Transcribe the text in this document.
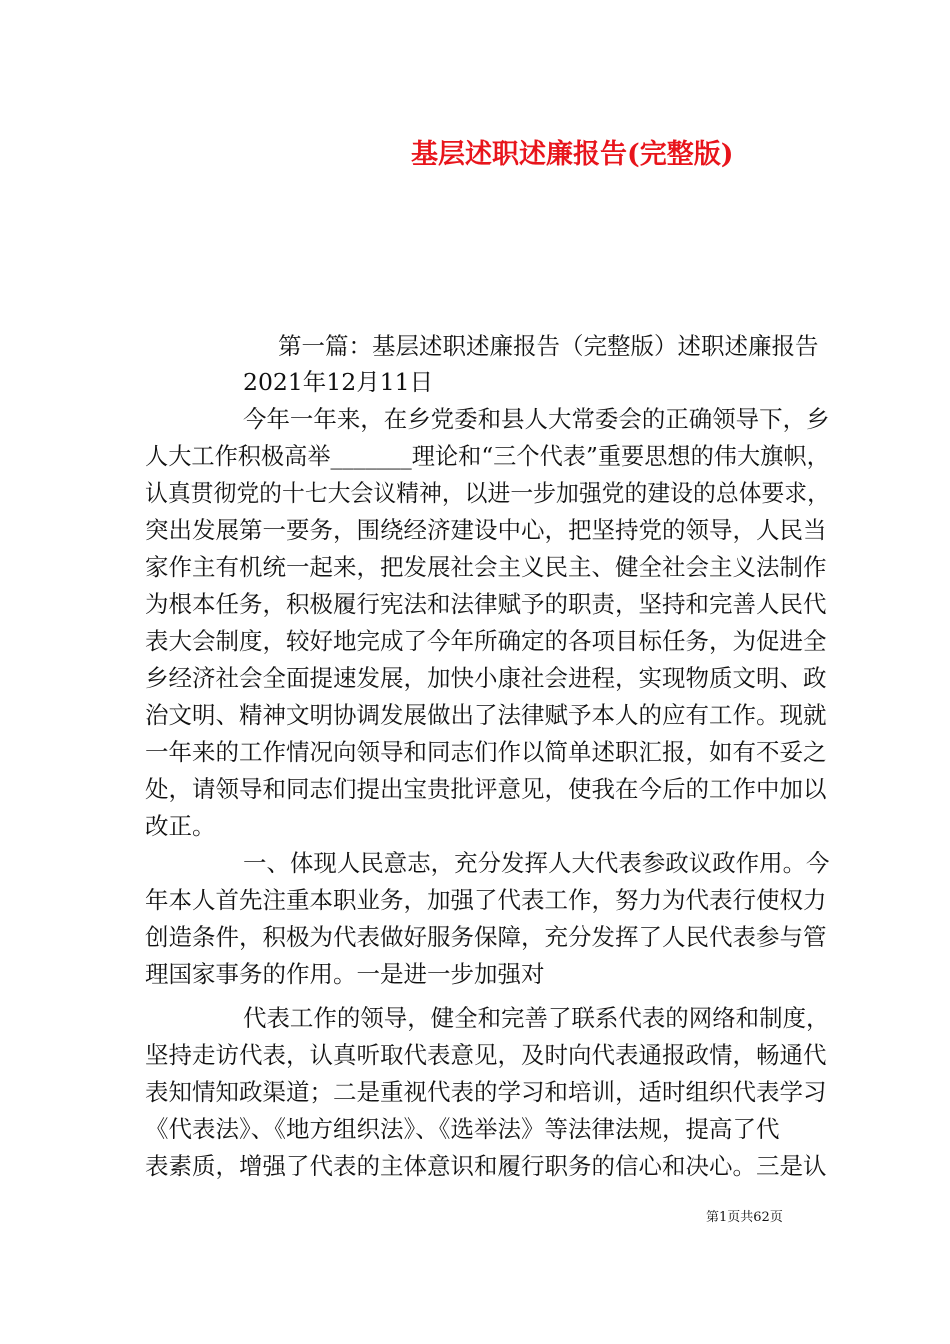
基层述职述廉报告(完整版)
第一篇：基层述职述廉报告（完整版）述职述廉报告
2021年12月11日
今年一年来，在乡党委和县人大常委会的正确领导下，乡
人大工作积极高举_______理论和“三个代表”重要思想的伟大旗帜，
认真贯彻党的十七大会议精神，以进一步加强党的建设的总体要求，
突出发展第一要务，围绕经济建设中心，把坚持党的领导，人民当
家作主有机统一起来，把发展社会主义民主、健全社会主义法制作
为根本任务，积极履行宪法和法律赋予的职责，坚持和完善人民代
表大会制度，较好地完成了今年所确定的各项目标任务，为促进全
乡经济社会全面提速发展，加快小康社会进程，实现物质文明、政
治文明、精神文明协调发展做出了法律赋予本人的应有工作。现就
一年来的工作情况向领导和同志们作以简单述职汇报，如有不妥之
处，请领导和同志们提出宝贵批评意见，使我在今后的工作中加以
改正。
一、体现人民意志，充分发挥人大代表参政议政作用。今
年本人首先注重本职业务，加强了代表工作，努力为代表行使权力
创造条件，积极为代表做好服务保障，充分发挥了人民代表参与管
理国家事务的作用。一是进一步加强对
代表工作的领导，健全和完善了联系代表的网络和制度，
坚持走访代表，认真听取代表意见，及时向代表通报政情，畅通代
表知情知政渠道；二是重视代表的学习和培训，适时组织代表学习
《代表法》、《地方组织法》、《选举法》等法律法规，提高了代
表素质，增强了代表的主体意识和履行职务的信心和决心。三是认
第1页共62页
